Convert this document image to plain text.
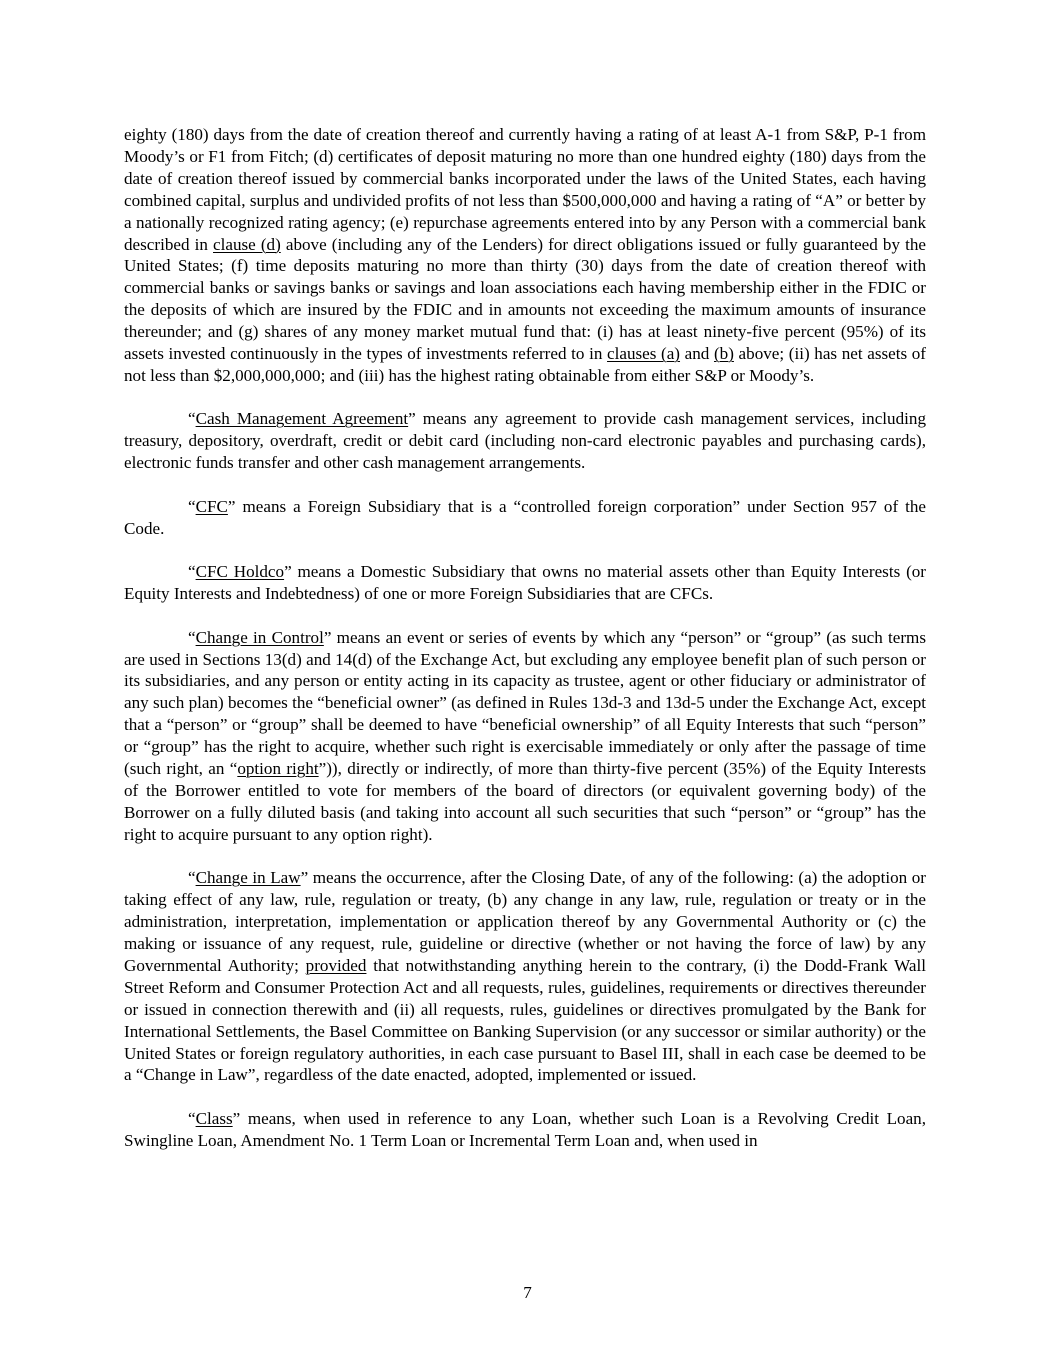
eighty (180) days from the date of creation thereof and currently having a rating of at least A-1 from S&P, P-1 from Moody’s or F1 from Fitch; (d) certificates of deposit maturing no more than one hundred eighty (180) days from the date of creation thereof issued by commercial banks incorporated under the laws of the United States, each having combined capital, surplus and undivided profits of not less than $500,000,000 and having a rating of “A” or better by a nationally recognized rating agency; (e) repurchase agreements entered into by any Person with a commercial bank described in clause (d) above (including any of the Lenders) for direct obligations issued or fully guaranteed by the United States; (f) time deposits maturing no more than thirty (30) days from the date of creation thereof with commercial banks or savings banks or savings and loan associations each having membership either in the FDIC or the deposits of which are insured by the FDIC and in amounts not exceeding the maximum amounts of insurance thereunder; and (g) shares of any money market mutual fund that: (i) has at least ninety-five percent (95%) of its assets invested continuously in the types of investments referred to in clauses (a) and (b) above; (ii) has net assets of not less than $2,000,000,000; and (iii) has the highest rating obtainable from either S&P or Moody’s.

“Cash Management Agreement” means any agreement to provide cash management services, including treasury, depository, overdraft, credit or debit card (including non-card electronic payables and purchasing cards), electronic funds transfer and other cash management arrangements.

“CFC” means a Foreign Subsidiary that is a “controlled foreign corporation” under Section 957 of the Code.

“CFC Holdco” means a Domestic Subsidiary that owns no material assets other than Equity Interests (or Equity Interests and Indebtedness) of one or more Foreign Subsidiaries that are CFCs.

“Change in Control” means an event or series of events by which any “person” or “group” (as such terms are used in Sections 13(d) and 14(d) of the Exchange Act, but excluding any employee benefit plan of such person or its subsidiaries, and any person or entity acting in its capacity as trustee, agent or other fiduciary or administrator of any such plan) becomes the “beneficial owner” (as defined in Rules 13d-3 and 13d-5 under the Exchange Act, except that a “person” or “group” shall be deemed to have “beneficial ownership” of all Equity Interests that such “person” or “group” has the right to acquire, whether such right is exercisable immediately or only after the passage of time (such right, an “option right”)), directly or indirectly, of more than thirty-five percent (35%) of the Equity Interests of the Borrower entitled to vote for members of the board of directors (or equivalent governing body) of the Borrower on a fully diluted basis (and taking into account all such securities that such “person” or “group” has the right to acquire pursuant to any option right).

“Change in Law” means the occurrence, after the Closing Date, of any of the following: (a) the adoption or taking effect of any law, rule, regulation or treaty, (b) any change in any law, rule, regulation or treaty or in the administration, interpretation, implementation or application thereof by any Governmental Authority or (c) the making or issuance of any request, rule, guideline or directive (whether or not having the force of law) by any Governmental Authority; provided that notwithstanding anything herein to the contrary, (i) the Dodd-Frank Wall Street Reform and Consumer Protection Act and all requests, rules, guidelines, requirements or directives thereunder or issued in connection therewith and (ii) all requests, rules, guidelines or directives promulgated by the Bank for International Settlements, the Basel Committee on Banking Supervision (or any successor or similar authority) or the United States or foreign regulatory authorities, in each case pursuant to Basel III, shall in each case be deemed to be a “Change in Law”, regardless of the date enacted, adopted, implemented or issued.

“Class” means, when used in reference to any Loan, whether such Loan is a Revolving Credit Loan, Swingline Loan, Amendment No. 1 Term Loan or Incremental Term Loan and, when used in

7
